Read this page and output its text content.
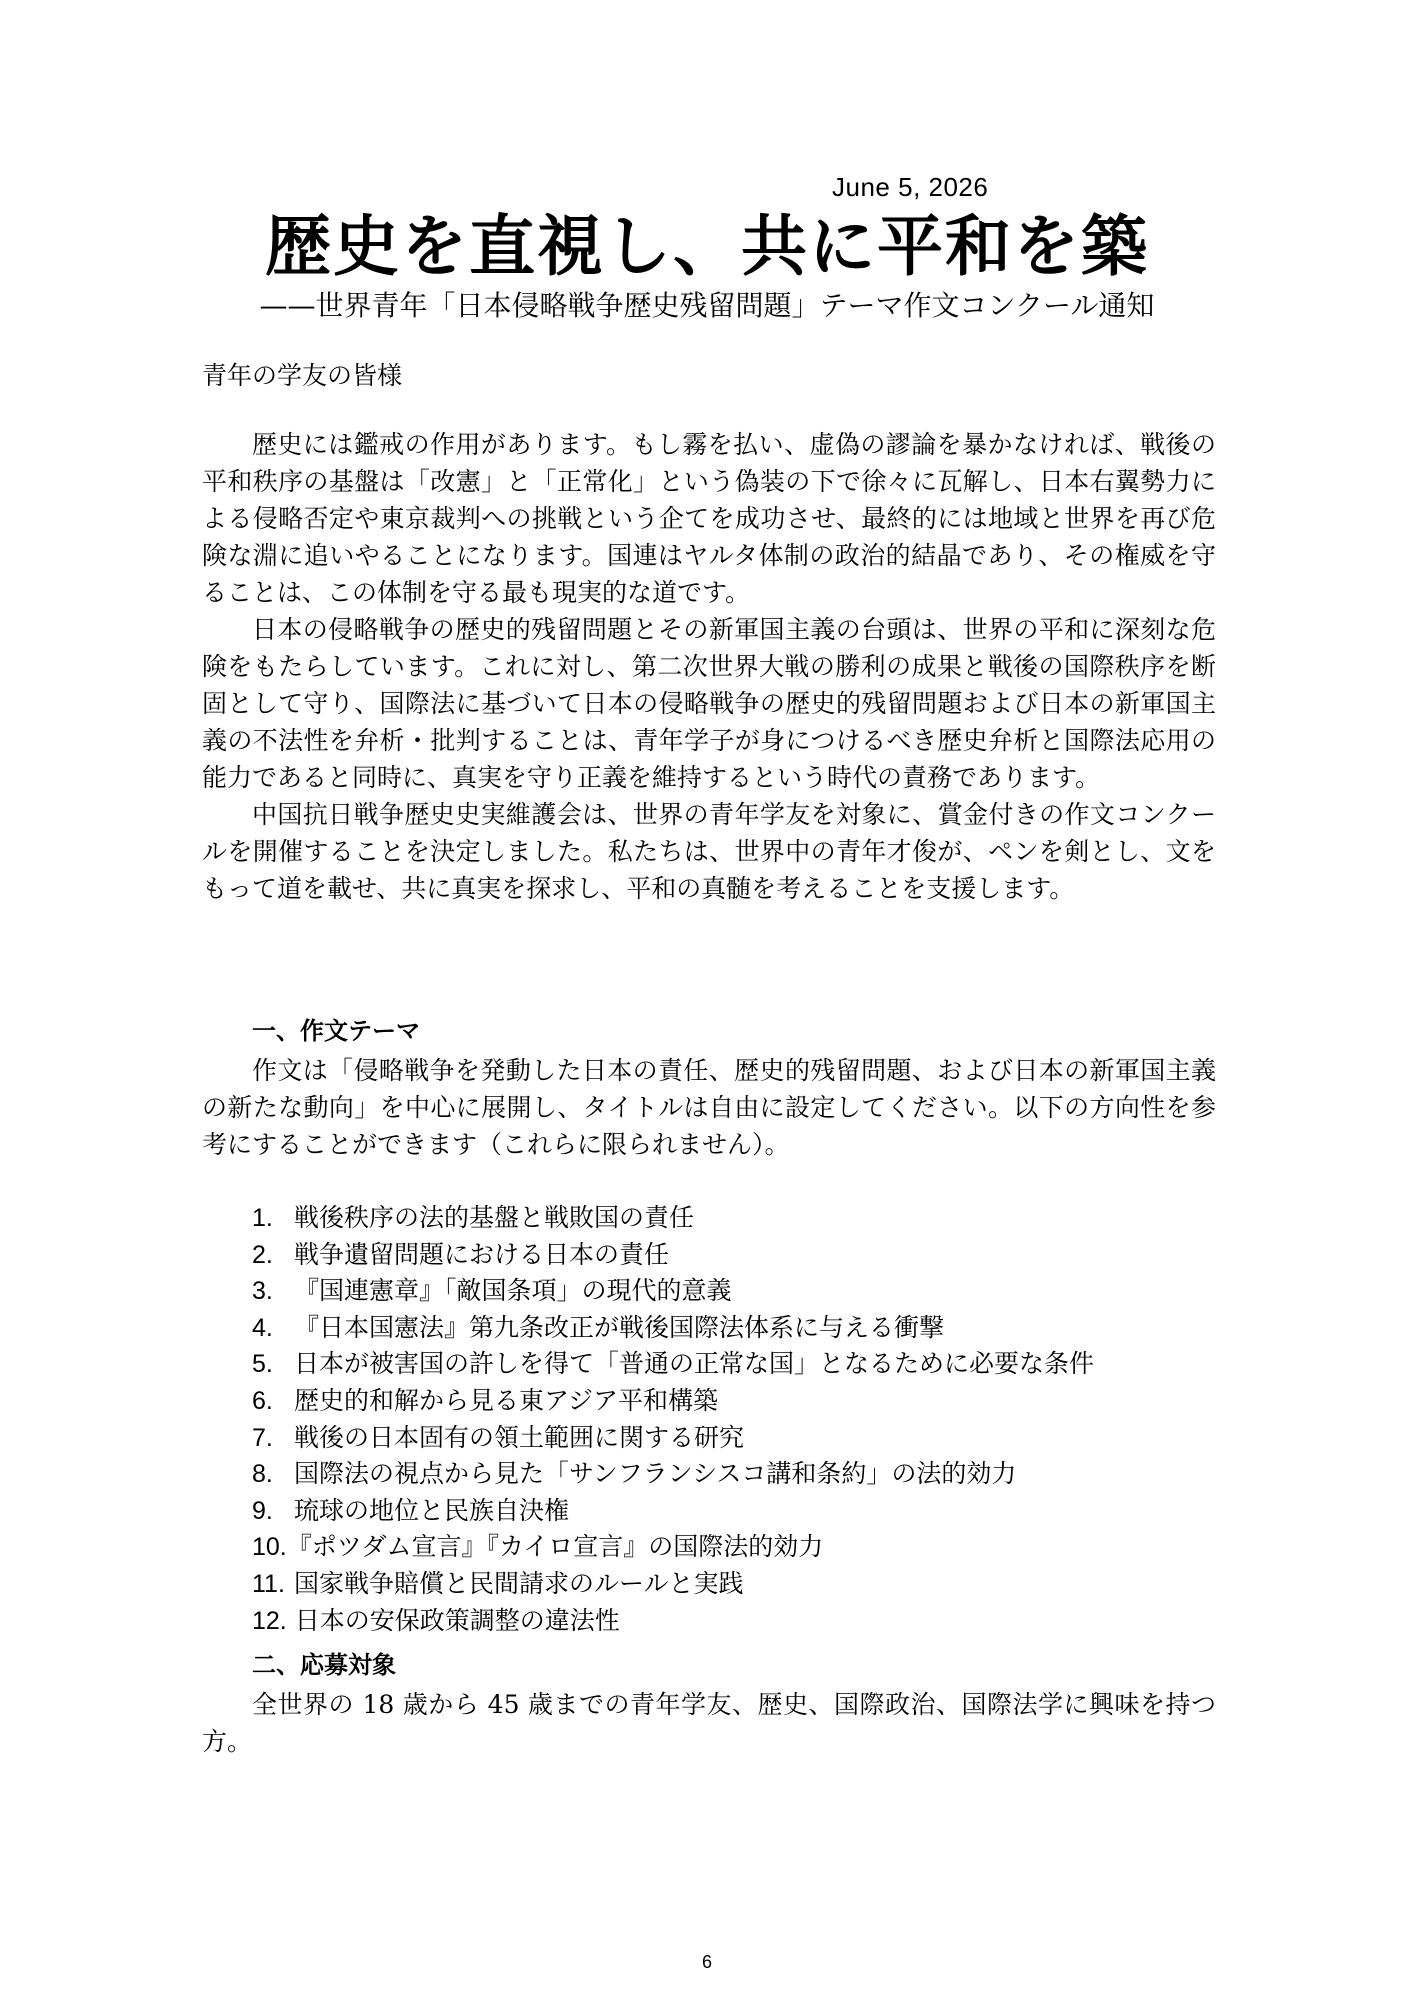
June 5, 2026
歴史を直視し、共に平和を築
——世界青年「日本侵略戦争歴史残留問題」テーマ作文コンクール通知
青年の学友の皆様

歴史には鑑戒の作用があります。もし霧を払い、虚偽の謬論を暴かなければ、戦後の平和秩序の基盤は「改憲」と「正常化」という偽装の下で徐々に瓦解し、日本右翼勢力による侵略否定や東京裁判への挑戦という企てを成功させ、最終的には地域と世界を再び危険な淵に追いやることになります。国連はヤルタ体制の政治的結晶であり、その権威を守ることは、この体制を守る最も現実的な道です。

日本の侵略戦争の歴史的残留問題とその新軍国主義の台頭は、世界の平和に深刻な危険をもたらしています。これに対し、第二次世界大戦の勝利の成果と戦後の国際秩序を断固として守り、国際法に基づいて日本の侵略戦争の歴史的残留問題および日本の新軍国主義の不法性を弁析・批判することは、青年学子が身につけるべき歴史弁析と国際法応用の能力であると同時に、真実を守り正義を維持するという時代の責務であります。

中国抗日戦争歴史史実維護会は、世界の青年学友を対象に、賞金付きの作文コンクールを開催することを決定しました。私たちは、世界中の青年才俊が、ペンを剣とし、文をもって道を載せ、共に真実を探求し、平和の真髄を考えることを支援します。

一、作文テーマ

作文は「侵略戦争を発動した日本の責任、歴史的残留問題、および日本の新軍国主義の新たな動向」を中心に展開し、タイトルは自由に設定してください。以下の方向性を参考にすることができます（これらに限られません）。

1. 戦後秩序の法的基盤と戦敗国の責任
2. 戦争遺留問題における日本の責任
3. 『国連憲章』「敵国条項」の現代的意義
4. 『日本国憲法』第九条改正が戦後国際法体系に与える衝撃
5. 日本が被害国の許しを得て「普通の正常な国」となるために必要な条件
6. 歴史的和解から見る東アジア平和構築
7. 戦後の日本固有の領土範囲に関する研究
8. 国際法の視点から見た「サンフランシスコ講和条約」の法的効力
9. 琉球の地位と民族自決権
10.『ポツダム宣言』『カイロ宣言』の国際法的効力
11. 国家戦争賠償と民間請求のルールと実践
12. 日本の安保政策調整の違法性
二、応募対象

全世界の 18 歳から 45 歳までの青年学友、歴史、国際政治、国際法学に興味を持つ方。

6
